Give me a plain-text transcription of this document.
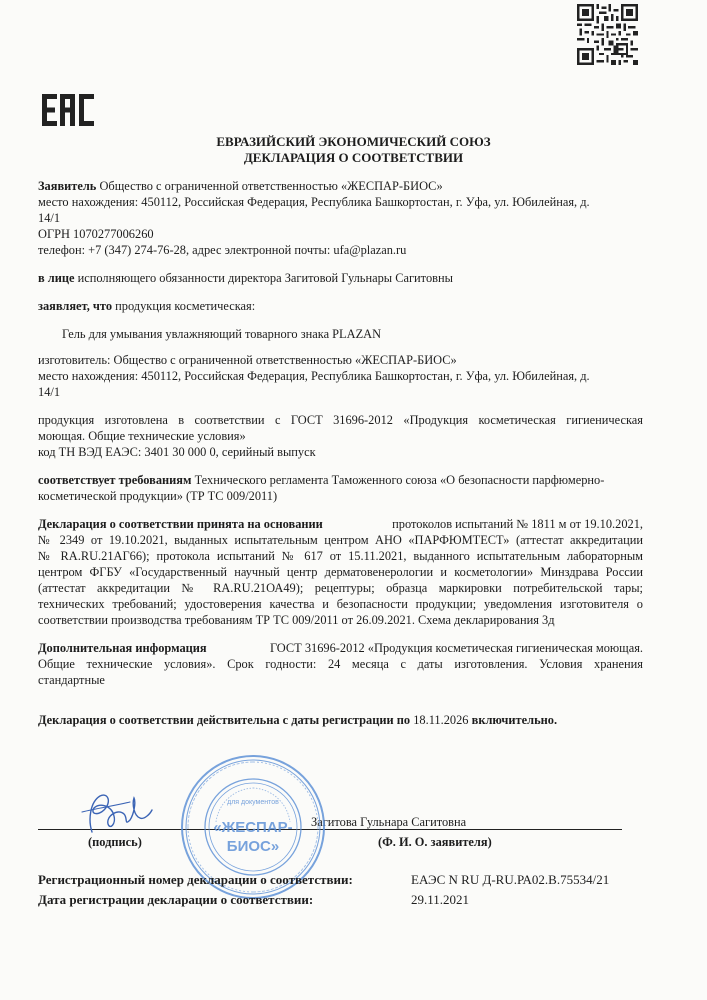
ЕВРАЗИЙСКИЙ ЭКОНОМИЧЕСКИЙ СОЮЗ
ДЕКЛАРАЦИЯ О СООТВЕТСТВИИ
Заявитель Общество с ограниченной ответственностью «ЖЕСПАР-БИОС»
место нахождения: 450112, Российская Федерация, Республика Башкортостан, г. Уфа, ул. Юбилейная, д.
14/1
ОГРН 1070277006260
телефон: +7 (347) 274-76-28, адрес электронной почты: ufa@plazan.ru
в лице исполняющего обязанности директора Загитовой Гульнары Сагитовны
заявляет, что продукция косметическая:
Гель для умывания увлажняющий товарного знака PLAZAN
изготовитель: Общество с ограниченной ответственностью «ЖЕСПАР-БИОС»
место нахождения: 450112, Российская Федерация, Республика Башкортостан, г. Уфа, ул. Юбилейная, д.
14/1
продукция изготовлена в соответствии с ГОСТ 31696-2012 «Продукция косметическая гигиеническая
моющая. Общие технические условия»
код ТН ВЭД ЕАЭС: 3401 30 000 0, серийный выпуск
соответствует требованиям Технического регламента Таможенного союза «О безопасности парфюмерно-
косметической продукции» (ТР ТС 009/2011)
Декларация о соответствии принята на основании	протоколов испытаний № 1811 м от 19.10.2021,
№ 2349 от 19.10.2021, выданных испытательным центром АНО «ПАРФЮМТЕСТ» (аттестат аккредитации
№ RA.RU.21АГ66); протокола испытаний № 617 от 15.11.2021, выданного испытательным лабораторным
центром ФГБУ «Государственный научный центр дерматовенерологии и косметологии» Минздрава России
(аттестат аккредитации № RA.RU.21ОА49); рецептуры; образца маркировки потребительской тары;
технических требований; удостоверения качества и безопасности продукции; уведомления изготовителя о
соответствии производства требованиям ТР ТС 009/2011 от 26.09.2021. Схема декларирования 3д
Дополнительная информация	ГОСТ 31696-2012 «Продукция косметическая гигиеническая моющая.
Общие технические условия». Срок годности: 24 месяца с даты изготовления. Условия хранения
стандартные
Декларация о соответствии действительна с даты регистрации по 18.11.2026 включительно.
Загитова Гульнара Сагитовна
(подпись)	(Ф. И. О. заявителя)
для документов
«ЖЕСПАР-
БИОС»
Регистрационный номер декларации о соответствии:	ЕАЭС N RU Д-RU.РА02.В.75534/21
Дата регистрации декларации о соответствии:	29.11.2021
